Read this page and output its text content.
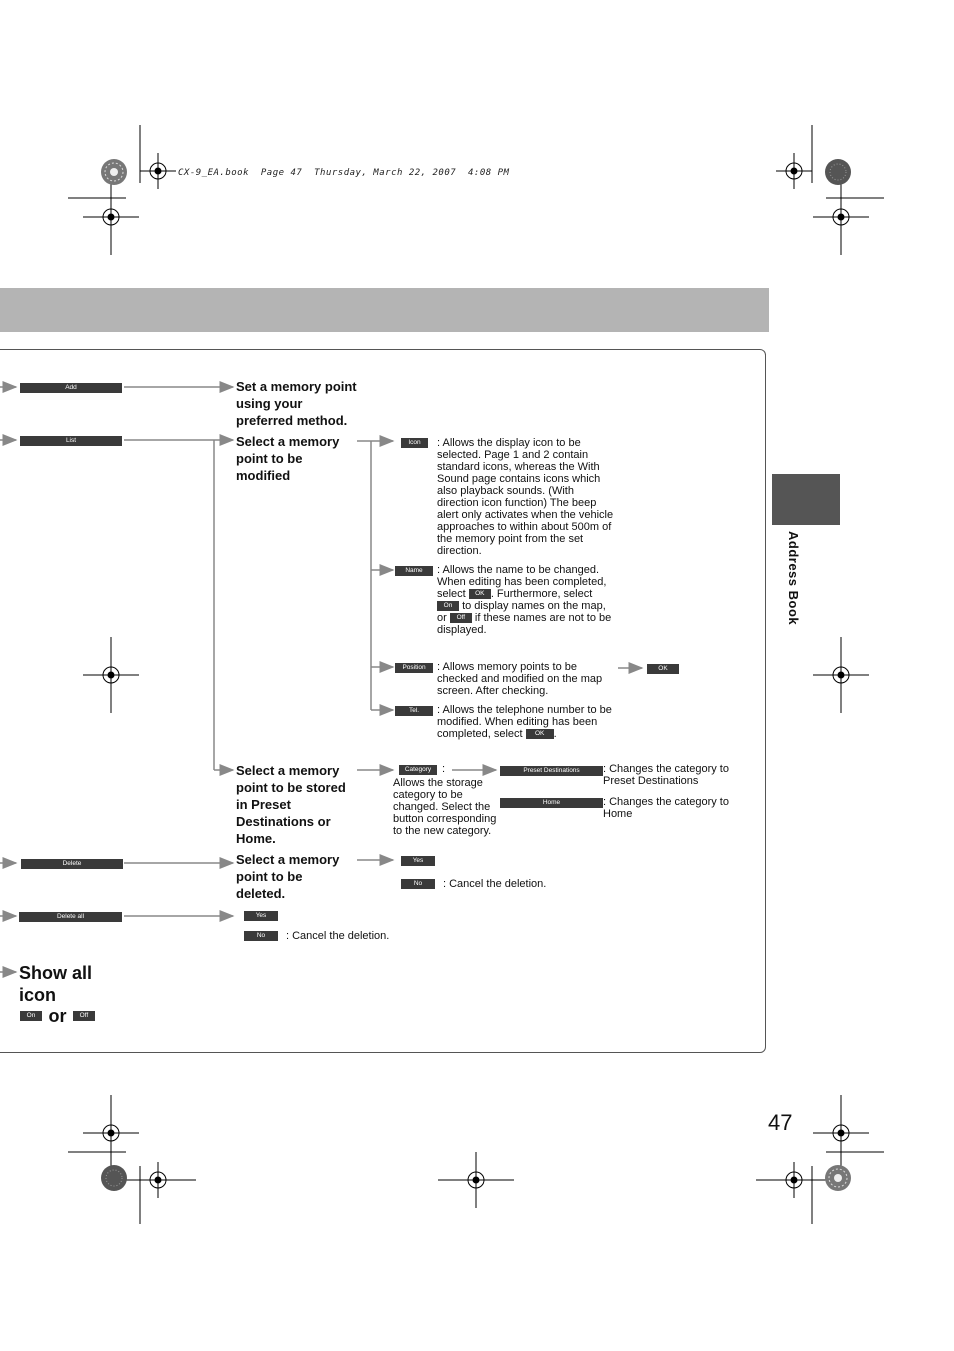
CX-9_EA.book  Page 47  Thursday, March 22, 2007  4:08 PM
Address Book
Add
List
Delete
Delete all
Set a memory point using your preferred method.
Select a memory point to be modified
Select a memory point to be stored in Preset Destinations or Home.
Select a memory point to be deleted.
Icon	: Allows the display icon to be selected. Page 1 and 2 contain standard icons, whereas the With Sound page contains icons which also playback sounds. (With direction icon function) The beep alert only activates when the vehicle approaches to within about 500m of the memory point from the set direction.
Name	: Allows the name to be changed. When editing has been completed, select OK . Furthermore, select On to display names on the map, or Off if these names are not to be displayed.
Position	: Allows memory points to be checked and modified on the map screen. After checking.
OK
Tel.	: Allows the telephone number to be modified. When editing has been completed, select OK .
Category :
Allows the storage category to be changed. Select the button corresponding to the new category.
Preset Destinations	: Changes the category to Preset Destinations
Home	: Changes the category to Home
Yes
No	: Cancel the deletion.
Yes
No	: Cancel the deletion.
Show all icon
On or Off
47
